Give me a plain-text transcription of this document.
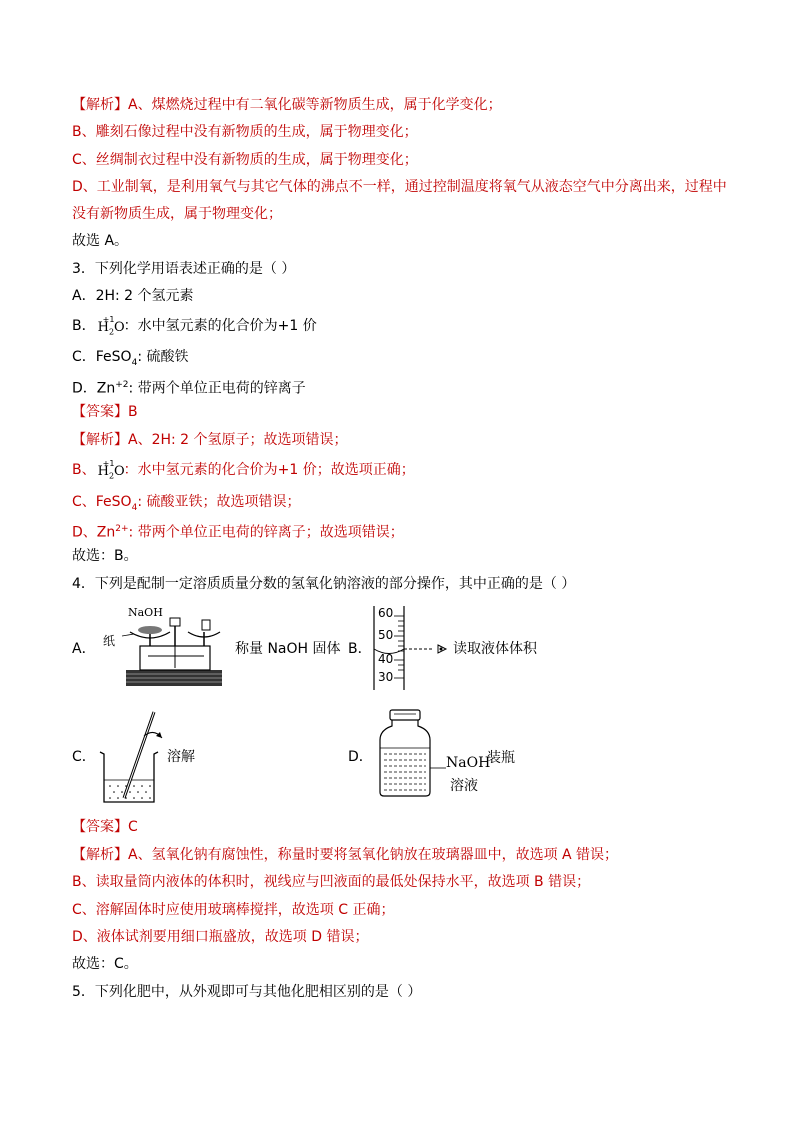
【解析】A、煤燃烧过程中有二氧化碳等新物质生成，属于化学变化；
B、雕刻石像过程中没有新物质的生成，属于物理变化；
C、丝绸制衣过程中没有新物质的生成，属于物理变化；
D、工业制氧，是利用氧气与其它气体的沸点不一样，通过控制温度将氧气从液态空气中分离出来，过程中
没有新物质生成，属于物理变化；
故选 A。
3．下列化学用语表述正确的是（ ）
A．2H: 2 个氢元素
B． +1
$H_2O$
：水中氢元素的化合价为+1 价
C．FeSO$_4$: 硫酸铁
D．$Zn^{+2}$: 带两个单位正电荷的锌离子
【答案】B
【解析】A、2H: 2 个氢原子；故选项错误；
B、 +1
$H_2O$
：水中氢元素的化合价为+1 价；故选项正确；
C、FeSO$_4$: 硫酸亚铁；故选项错误；
D、$Zn^{2+}$: 带两个单位正电荷的锌离子；故选项错误；
故选：B。
4．下列是配制一定溶质质量分数的氢氧化钠溶液的部分操作，其中正确的是（ ）
A．
NaOH
纸	称量 NaOH 固体 B．
60
50
40
30
读取液体体积
C．	溶解	D．	NaOH
装瓶
溶液
【答案】C
【解析】A、氢氧化钠有腐蚀性，称量时要将氢氧化钠放在玻璃器皿中，故选项 A 错误；
B、读取量筒内液体的体积时，视线应与凹液面的最低处保持水平，故选项 B 错误；
C、溶解固体时应使用玻璃棒搅拌，故选项 C 正确；
D、液体试剂要用细口瓶盛放，故选项 D 错误；
故选：C。
5．下列化肥中，从外观即可与其他化肥相区别的是（ ）
